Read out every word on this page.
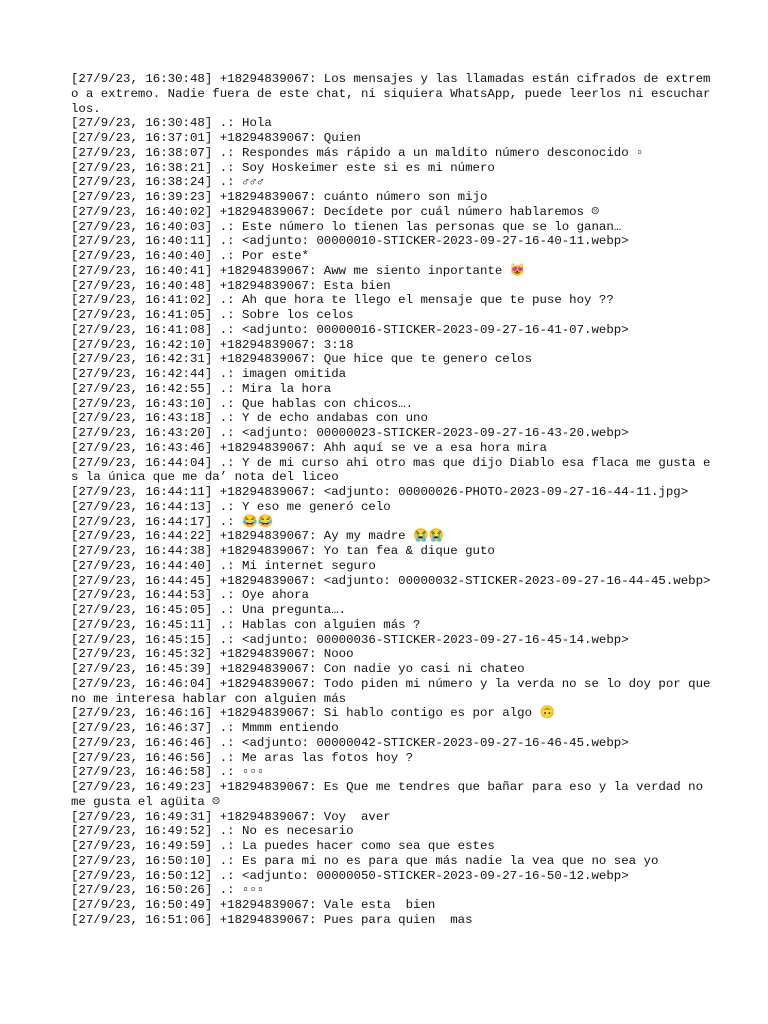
[27/9/23, 16:30:48] +18294839067: Los mensajes y las llamadas están cifrados de extremo a extremo. Nadie fuera de este chat, ni siquiera WhatsApp, puede leerlos ni escucharlos.
[27/9/23, 16:30:48] .: Hola
[27/9/23, 16:37:01] +18294839067: Quien
[27/9/23, 16:38:07] .: Respondes más rápido a un maldito número desconocido ▫
[27/9/23, 16:38:21] .: Soy Hoskeimer este si es mi número
[27/9/23, 16:38:24] .: ♂♂♂
[27/9/23, 16:39:23] +18294839067: cuánto número son mijo
[27/9/23, 16:40:02] +18294839067: Decídete por cuál número hablaremos ☹
[27/9/23, 16:40:03] .: Este número lo tienen las personas que se lo ganan…
[27/9/23, 16:40:11] .: <adjunto: 00000010-STICKER-2023-09-27-16-40-11.webp>
[27/9/23, 16:40:40] .: Por este*
[27/9/23, 16:40:41] +18294839067: Aww me siento inportante 😻
[27/9/23, 16:40:48] +18294839067: Esta bien
[27/9/23, 16:41:02] .: Ah que hora te llego el mensaje que te puse hoy ??
[27/9/23, 16:41:05] .: Sobre los celos
[27/9/23, 16:41:08] .: <adjunto: 00000016-STICKER-2023-09-27-16-41-07.webp>
[27/9/23, 16:42:10] +18294839067: 3:18
[27/9/23, 16:42:31] +18294839067: Que hice que te genero celos
[27/9/23, 16:42:44] .: imagen omitida
[27/9/23, 16:42:55] .: Mira la hora
[27/9/23, 16:43:10] .: Que hablas con chicos….
[27/9/23, 16:43:18] .: Y de echo andabas con uno
[27/9/23, 16:43:20] .: <adjunto: 00000023-STICKER-2023-09-27-16-43-20.webp>
[27/9/23, 16:43:46] +18294839067: Ahh aquí se ve a esa hora mira
[27/9/23, 16:44:04] .: Y de mi curso ahi otro mas que dijo Diablo esa flaca me gusta es la única que me da’ nota del liceo
[27/9/23, 16:44:11] +18294839067: <adjunto: 00000026-PHOTO-2023-09-27-16-44-11.jpg>
[27/9/23, 16:44:13] .: Y eso me generó celo
[27/9/23, 16:44:17] .: 😂😂
[27/9/23, 16:44:22] +18294839067: Ay my madre 😭😭
[27/9/23, 16:44:38] +18294839067: Yo tan fea & dique guto
[27/9/23, 16:44:40] .: Mi internet seguro
[27/9/23, 16:44:45] +18294839067: <adjunto: 00000032-STICKER-2023-09-27-16-44-45.webp>
[27/9/23, 16:44:53] .: Oye ahora
[27/9/23, 16:45:05] .: Una pregunta….
[27/9/23, 16:45:11] .: Hablas con alguien más ?
[27/9/23, 16:45:15] .: <adjunto: 00000036-STICKER-2023-09-27-16-45-14.webp>
[27/9/23, 16:45:32] +18294839067: Nooo
[27/9/23, 16:45:39] +18294839067: Con nadie yo casi ni chateo
[27/9/23, 16:46:04] +18294839067: Todo piden mi número y la verda no se lo doy por que no me interesa hablar con alguien más
[27/9/23, 16:46:16] +18294839067: Si hablo contigo es por algo 🙃
[27/9/23, 16:46:37] .: Mmmm entiendo
[27/9/23, 16:46:46] .: <adjunto: 00000042-STICKER-2023-09-27-16-46-45.webp>
[27/9/23, 16:46:56] .: Me aras las fotos hoy ?
[27/9/23, 16:46:58] .: ▫▫▫
[27/9/23, 16:49:23] +18294839067: Es Que me tendres que bañar para eso y la verdad no me gusta el agüita ☹
[27/9/23, 16:49:31] +18294839067: Voy  aver
[27/9/23, 16:49:52] .: No es necesario
[27/9/23, 16:49:59] .: La puedes hacer como sea que estes
[27/9/23, 16:50:10] .: Es para mi no es para que más nadie la vea que no sea yo
[27/9/23, 16:50:12] .: <adjunto: 00000050-STICKER-2023-09-27-16-50-12.webp>
[27/9/23, 16:50:26] .: ▫▫▫
[27/9/23, 16:50:49] +18294839067: Vale esta  bien
[27/9/23, 16:51:06] +18294839067: Pues para quien  mas
